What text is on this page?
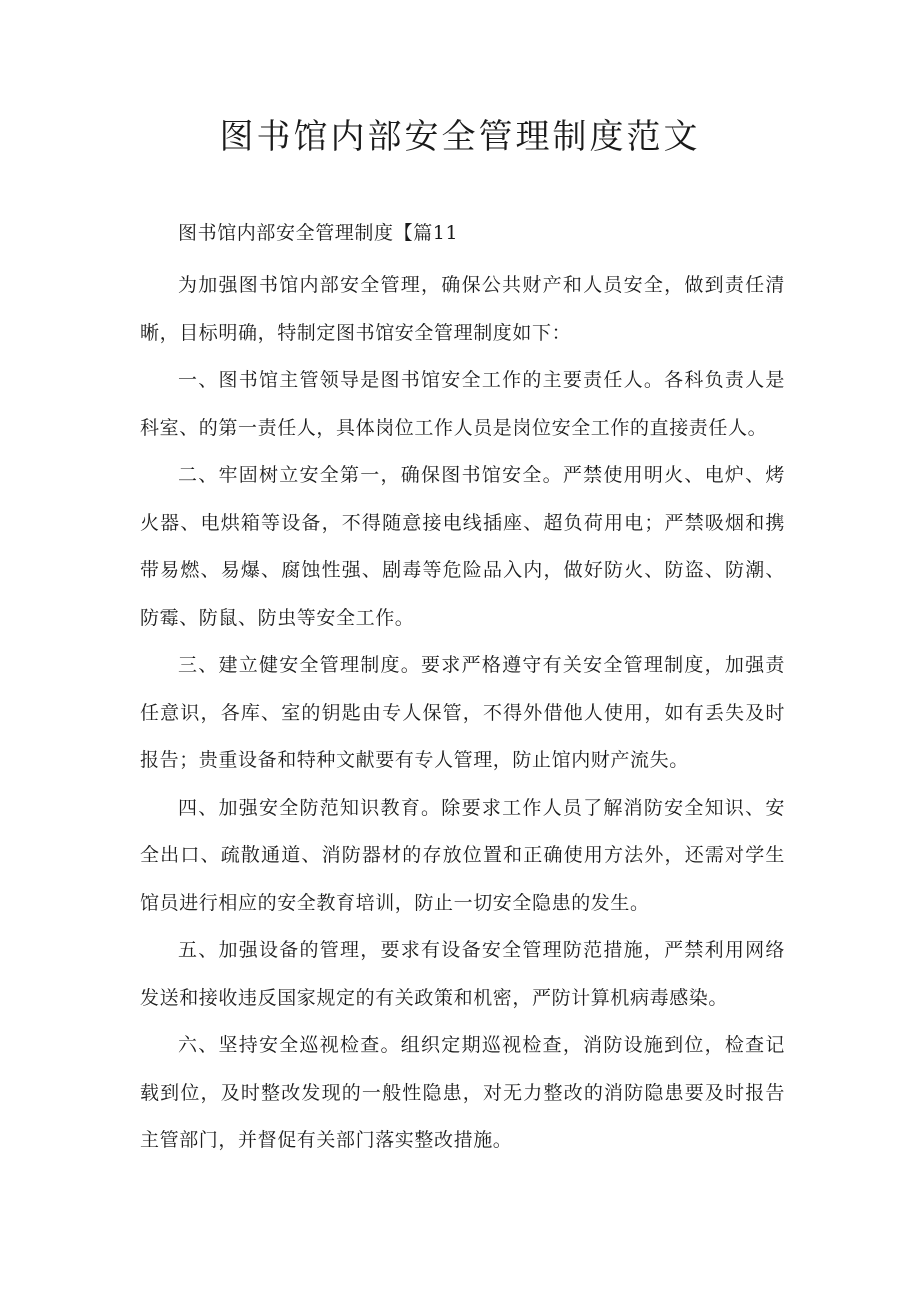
图书馆内部安全管理制度范文

图书馆内部安全管理制度【篇11

为加强图书馆内部安全管理，确保公共财产和人员安全，做到责任清晰，目标明确，特制定图书馆安全管理制度如下：

一、图书馆主管领导是图书馆安全工作的主要责任人。各科负责人是科室、的第一责任人，具体岗位工作人员是岗位安全工作的直接责任人。

二、牢固树立安全第一，确保图书馆安全。严禁使用明火、电炉、烤火器、电烘箱等设备，不得随意接电线插座、超负荷用电；严禁吸烟和携带易燃、易爆、腐蚀性强、剧毒等危险品入内，做好防火、防盗、防潮、防霉、防鼠、防虫等安全工作。

三、建立健安全管理制度。要求严格遵守有关安全管理制度，加强责任意识，各库、室的钥匙由专人保管，不得外借他人使用，如有丢失及时报告；贵重设备和特种文献要有专人管理，防止馆内财产流失。

四、加强安全防范知识教育。除要求工作人员了解消防安全知识、安全出口、疏散通道、消防器材的存放位置和正确使用方法外，还需对学生馆员进行相应的安全教育培训，防止一切安全隐患的发生。

五、加强设备的管理，要求有设备安全管理防范措施，严禁利用网络发送和接收违反国家规定的有关政策和机密，严防计算机病毒感染。

六、坚持安全巡视检查。组织定期巡视检查，消防设施到位，检查记载到位，及时整改发现的一般性隐患，对无力整改的消防隐患要及时报告主管部门，并督促有关部门落实整改措施。
